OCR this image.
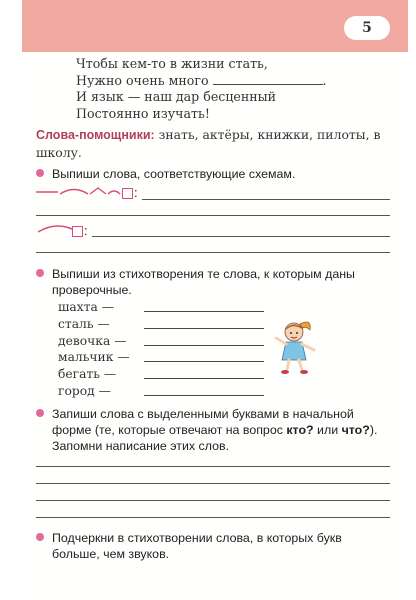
5
Чтобы кем-то в жизни стать,
Нужно очень много	.
И язык — наш дар бесценный
Постоянно изучать!
Слова-помощники: знать, актёры, книжки, пилоты, в школу.
Выпиши слова, соответствующие схемам.
:
:
Выпиши из стихотворения те слова, к которым даны проверочные.
шахта —
сталь —
девочка —
мальчик —
бегать —
город —
Запиши слова с выделенными буквами в начальной форме (те, которые отвечают на вопрос кто? или что?). Запомни написание этих слов.
Подчеркни в стихотворении слова, в которых букв больше, чем звуков.
